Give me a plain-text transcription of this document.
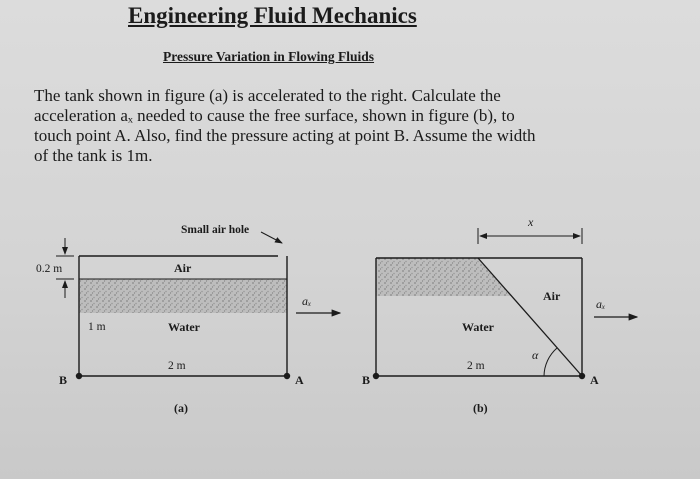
Engineering Fluid Mechanics
Pressure Variation in Flowing Fluids
The tank shown in figure (a) is accelerated to the right. Calculate the
acceleration aₓ needed to cause the free surface, shown in figure (b), to
touch point A. Also, find the pressure acting at point B. Assume the width
of the tank is 1m.
Small air hole
Air
Water
1 m
2 m
0.2 m
aₓ
B	A
(a)
x
Air
Water
2 m
α
aₓ
B	A
(b)
